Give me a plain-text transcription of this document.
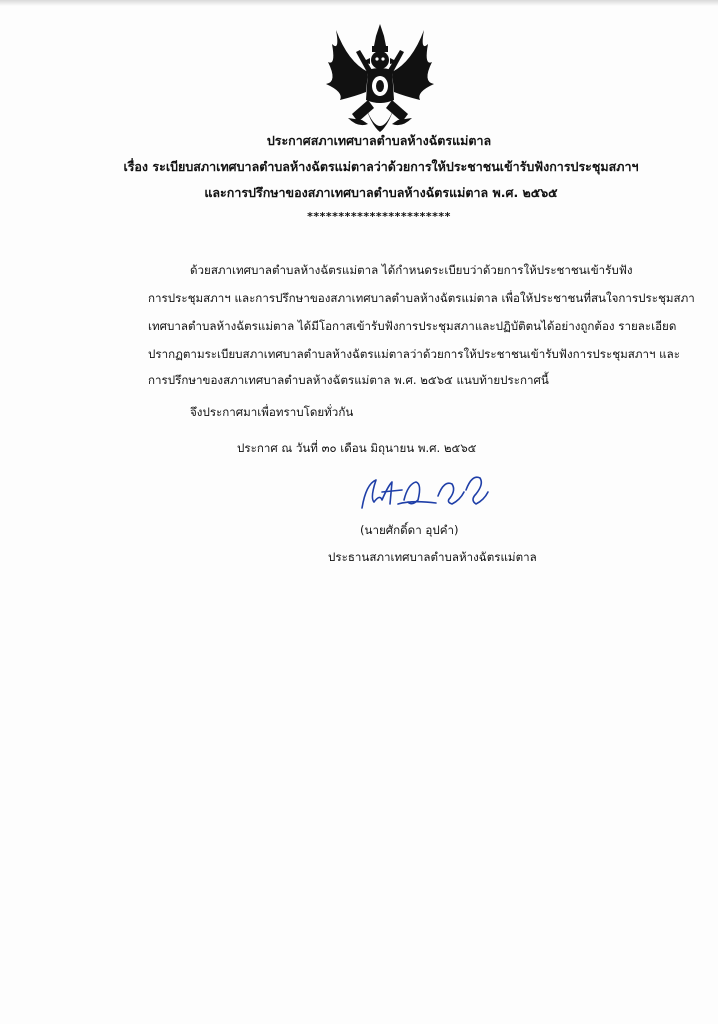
ประกาศสภาเทศบาลตำบลห้างฉัตรแม่ตาล
เรื่อง ระเบียบสภาเทศบาลตำบลห้างฉัตรแม่ตาลว่าด้วยการให้ประชาชนเข้ารับฟังการประชุมสภาฯ
และการปรึกษาของสภาเทศบาลตำบลห้างฉัตรแม่ตาล พ.ศ. ๒๕๖๕
***********************
ด้วยสภาเทศบาลตำบลห้างฉัตรแม่ตาล ได้กำหนดระเบียบว่าด้วยการให้ประชาชนเข้ารับฟัง
การประชุมสภาฯ และการปรึกษาของสภาเทศบาลตำบลห้างฉัตรแม่ตาล เพื่อให้ประชาชนที่สนใจการประชุมสภา
เทศบาลตำบลห้างฉัตรแม่ตาล ได้มีโอกาสเข้ารับฟังการประชุมสภาและปฏิบัติตนได้อย่างถูกต้อง รายละเอียด
ปรากฏตามระเบียบสภาเทศบาลตำบลห้างฉัตรแม่ตาลว่าด้วยการให้ประชาชนเข้ารับฟังการประชุมสภาฯ และ
การปรึกษาของสภาเทศบาลตำบลห้างฉัตรแม่ตาล พ.ศ. ๒๕๖๕ แนบท้ายประกาศนี้
จึงประกาศมาเพื่อทราบโดยทั่วกัน
ประกาศ ณ วันที่ ๓๐ เดือน มิถุนายน พ.ศ. ๒๕๖๕
(นายศักดิ์ดา อุปคำ)
ประธานสภาเทศบาลตำบลห้างฉัตรแม่ตาล
